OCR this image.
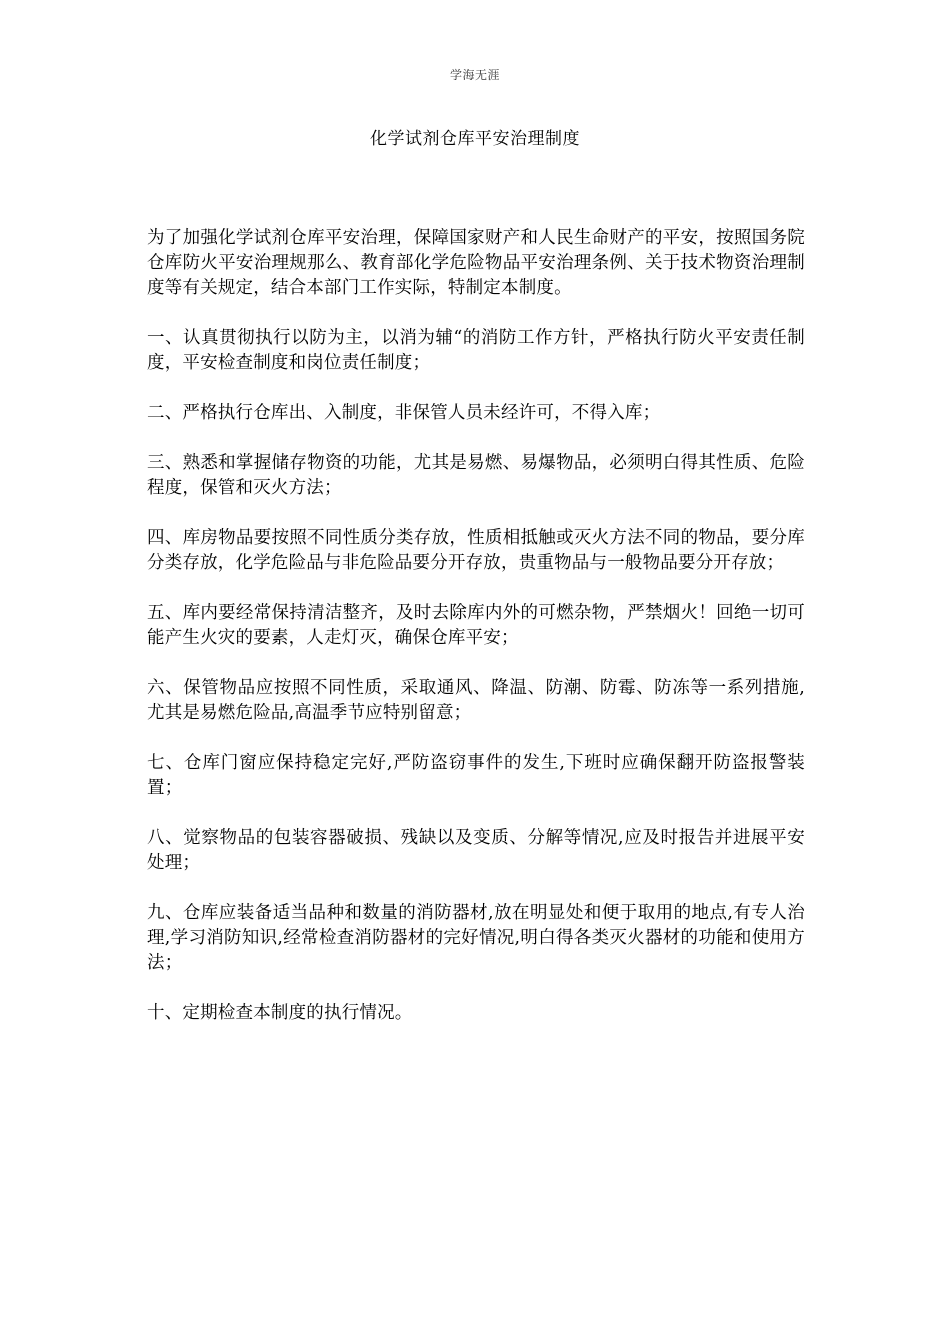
学海无涯
化学试剂仓库平安治理制度

为了加强化学试剂仓库平安治理，保障国家财产和人民生命财产的平安，按照国务院仓库防火平安治理规那么、教育部化学危险物品平安治理条例、关于技术物资治理制度等有关规定，结合本部门工作实际，特制定本制度。

一、认真贯彻执行以防为主，以消为辅“的消防工作方针，严格执行防火平安责任制度，平安检查制度和岗位责任制度；

二、严格执行仓库出、入制度，非保管人员未经许可，不得入库；

三、熟悉和掌握储存物资的功能，尤其是易燃、易爆物品，必须明白得其性质、危险程度，保管和灭火方法；

四、库房物品要按照不同性质分类存放，性质相抵触或灭火方法不同的物品，要分库分类存放，化学危险品与非危险品要分开存放，贵重物品与一般物品要分开存放；

五、库内要经常保持清洁整齐，及时去除库内外的可燃杂物，严禁烟火！回绝一切可能产生火灾的要素，人走灯灭，确保仓库平安；

六、保管物品应按照不同性质，采取通风、降温、防潮、防霉、防冻等一系列措施,尤其是易燃危险品,高温季节应特别留意；

七、仓库门窗应保持稳定完好,严防盗窃事件的发生,下班时应确保翻开防盗报警装置；

八、觉察物品的包装容器破损、残缺以及变质、分解等情况,应及时报告并进展平安处理；

九、仓库应装备适当品种和数量的消防器材,放在明显处和便于取用的地点,有专人治理,学习消防知识,经常检查消防器材的完好情况,明白得各类灭火器材的功能和使用方法；

十、定期检查本制度的执行情况。
